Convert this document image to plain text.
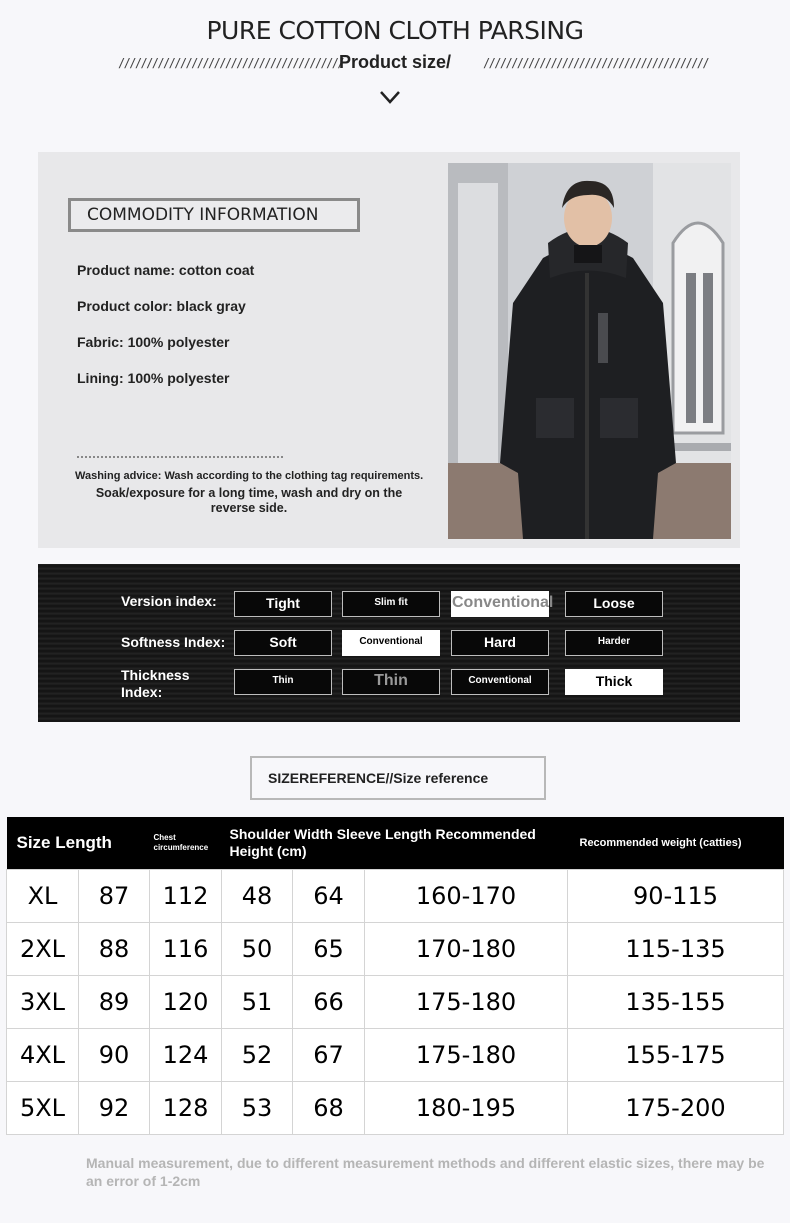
PURE COTTON CLOTH PARSING
////////////////////////////////////////
Product size/	////////////////////////////////////////
COMMODITY INFORMATION
Product name: cotton coat
Product color: black gray
Fabric: 100% polyester
Lining: 100% polyester
Washing advice: Wash according to the clothing tag requirements.
Soak/exposure for a long time, wash and dry on the reverse side.
Version index:	Tight	Slim fit	Conventional	Loose
Softness Index:	Soft	Conventional	Hard	Harder
Thickness Index:
Thin	Thin	Conventional	Thick
SIZEREFERENCE//Size reference
Size Length		Chest circumference	Shoulder Width Sleeve Length Recommended Height (cm)			Recommended weight (catties)
XL	87	112	48	64	160-170	90-115
2XL	88	116	50	65	170-180	115-135
3XL	89	120	51	66	175-180	135-155
4XL	90	124	52	67	175-180	155-175
5XL	92	128	53	68	180-195	175-200
Manual measurement, due to different measurement methods and different elastic sizes, there may be an error of 1-2cm
